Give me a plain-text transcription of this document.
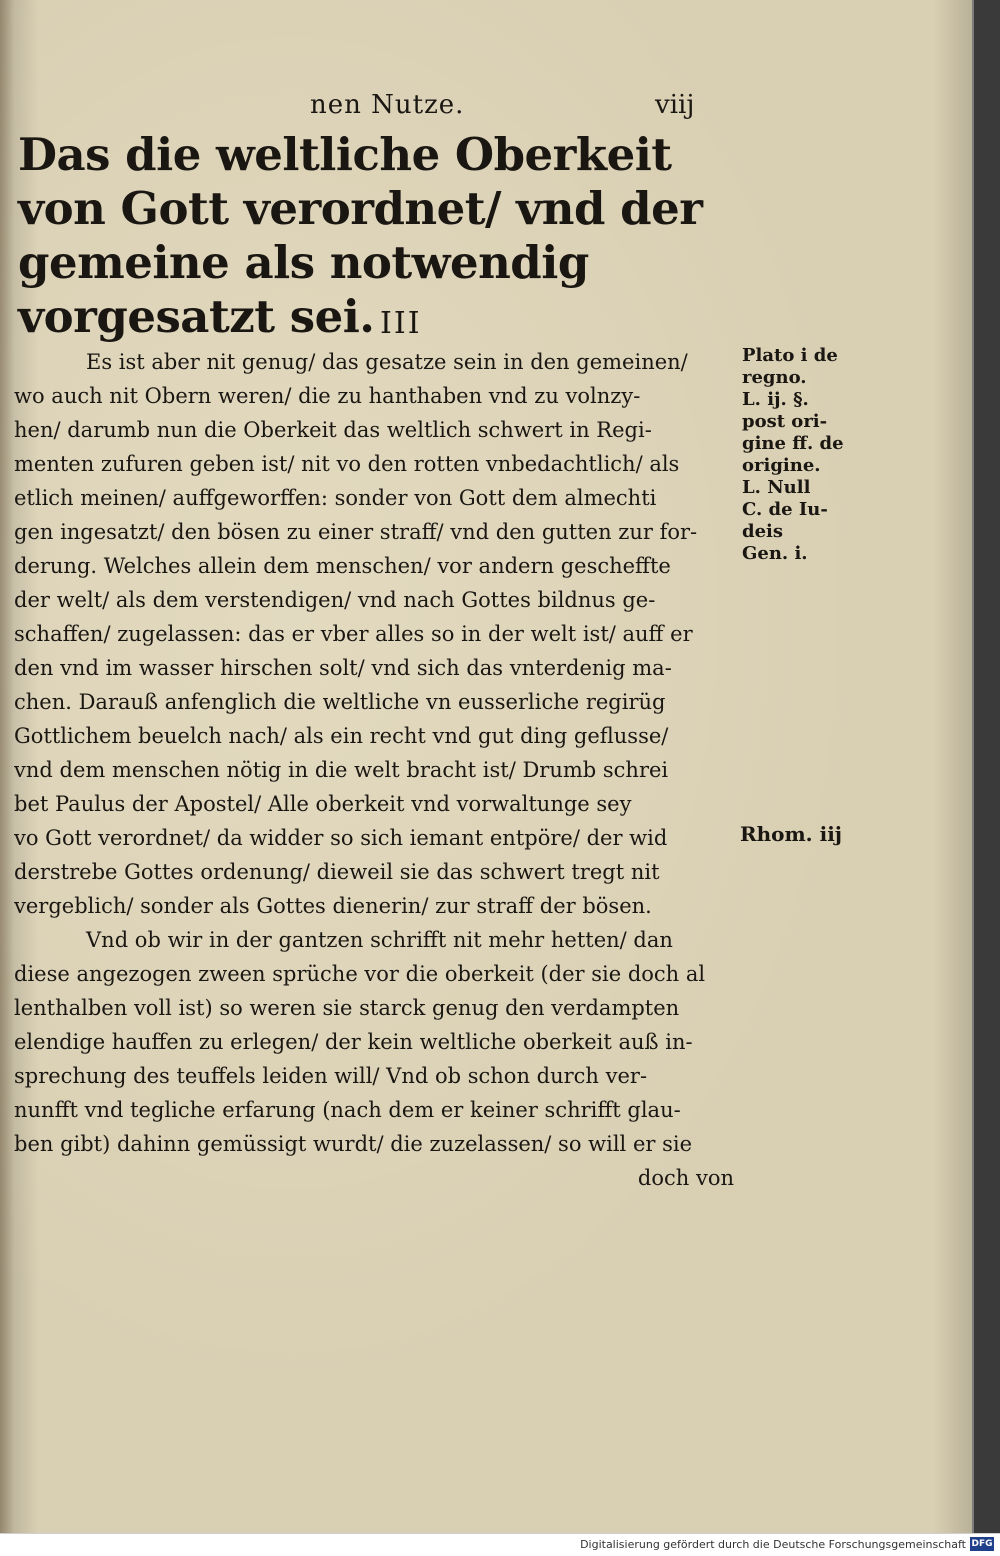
nen Nutze.	viij
Das die weltliche Oberkeit von Gott verordnet/ vnd der gemeine als notwendig vorgesatzt sei. III
Es ist aber nit genug/ das gesatze sein in den gemeinen/
wo auch nit Obern weren/ die zu hanthaben vnd zu volnzy-
hen/ darumb nun die Oberkeit das weltlich schwert in Regi-
menten zufuren geben ist/ nit vo den rotten vnbedachtlich/ als
etlich meinen/ auffgeworffen: sonder von Gott dem almechti
gen ingesatzt/ den bösen zu einer straff/ vnd den gutten zur for-
derung. Welches allein dem menschen/ vor andern gescheffte
der welt/ als dem verstendigen/ vnd nach Gottes bildnus ge-
schaffen/ zugelassen: das er vber alles so in der welt ist/ auff er
den vnd im wasser hirschen solt/ vnd sich das vnterdenig ma-
chen. Darauß anfenglich die weltliche vn eusserliche regirüg
Gottlichem beuelch nach/ als ein recht vnd gut ding geflusse/
vnd dem menschen nötig in die welt bracht ist/ Drumb schrei
bet Paulus der Apostel/ Alle oberkeit vnd vorwaltunge sey
vo Gott verordnet/ da widder so sich iemant entpöre/ der wid
derstrebe Gottes ordenung/ dieweil sie das schwert tregt nit
vergeblich/ sonder als Gottes dienerin/ zur straff der bösen.
Vnd ob wir in der gantzen schrifft nit mehr hetten/ dan
diese angezogen zween sprüche vor die oberkeit (der sie doch al
lenthalben voll ist) so weren sie starck genug den verdampten
elendige hauffen zu erlegen/ der kein weltliche oberkeit auß in-
sprechung des teuffels leiden will/ Vnd ob schon durch ver-
nunfft vnd tegliche erfarung (nach dem er keiner schrifft glau-
ben gibt) dahinn gemüssigt wurdt/ die zuzelassen/ so will er sie
doch von
Plato i de
regno.
L. ij. §.
post ori-
gine ff. de
origine.
L. Null
C. de Iu-
deis
Gen. i.
Rhom. iij
Digitalisierung gefördert durch die Deutsche Forschungsgemeinschaft DFG
